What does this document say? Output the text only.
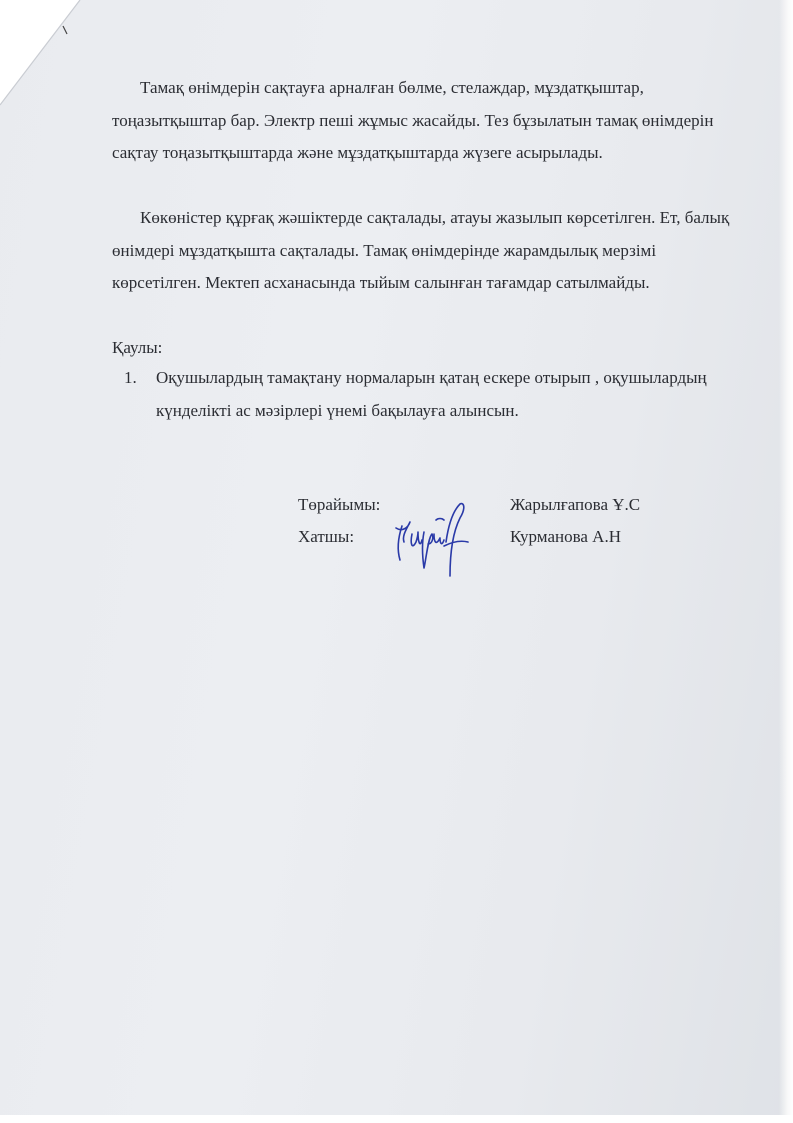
Тамақ өнімдерін сақтауға арналған бөлме, стелаждар, мұздатқыштар, тоңазытқыштар бар. Электр пеші жұмыс жасайды. Тез бұзылатын тамақ өнімдерін сақтау тоңазытқыштарда және мұздатқыштарда жүзеге асырылады.

Көкөністер құрғақ жәшіктерде сақталады, атауы жазылып көрсетілген. Ет, балық өнімдері мұздатқышта сақталады. Тамақ өнімдерінде жарамдылық мерзімі көрсетілген. Мектеп асханасында тыйым салынған тағамдар сатылмайды.

Қаулы:

1. Оқушылардың тамақтану нормаларын қатаң ескере отырып , оқушылардың күнделікті ас мәзірлері үнемі бақылауға алынсын.
Төрайымы:	Жарылғапова Ұ.С
Хатшы:	Курманова А.Н
